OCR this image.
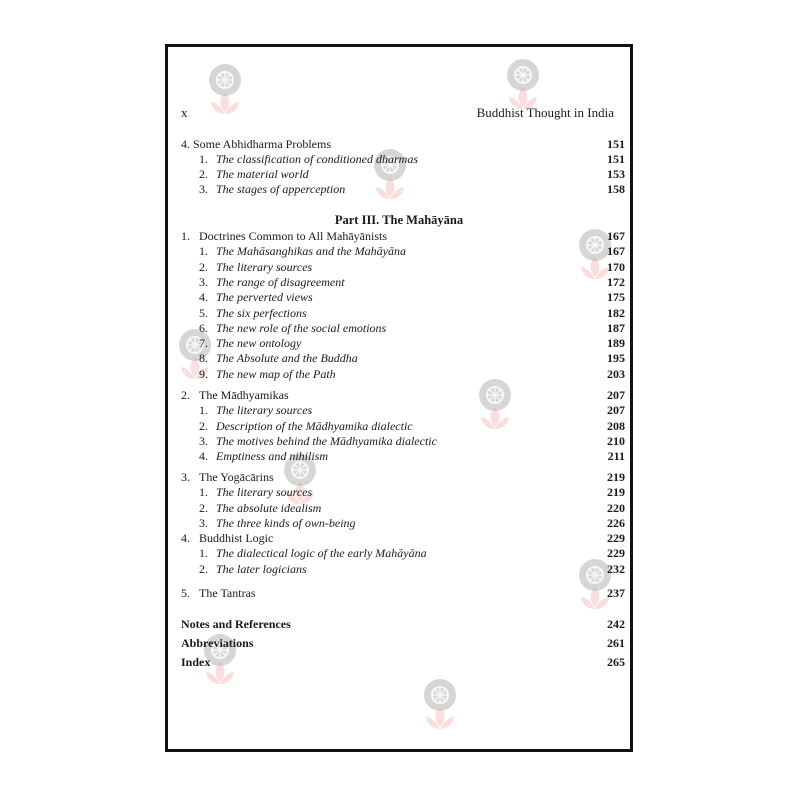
x	Buddhist Thought in India
4. Some Abhidharma Problems	151
1. The classification of conditioned dharmas	151
2. The material world	153
3. The stages of apperception	158
Part III. The Mahāyāna
1. Doctrines Common to All Mahāyānists	167
1. The Mahāsanghikas and the Mahāyāna	167
2. The literary sources	170
3. The range of disagreement	172
4. The perverted views	175
5. The six perfections	182
6. The new role of the social emotions	187
7. The new ontology	189
8. The Absolute and the Buddha	195
9. The new map of the Path	203
2. The Mādhyamikas	207
1. The literary sources	207
2. Description of the Mādhyamika dialectic	208
3. The motives behind the Mādhyamika dialectic	210
4. Emptiness and nihilism	211
3. The Yogācārins	219
1. The literary sources	219
2. The absolute idealism	220
3. The three kinds of own-being	226
4. Buddhist Logic	229
1. The dialectical logic of the early Mahāyāna	229
2. The later logicians	232
5. The Tantras	237
Notes and References	242
Abbreviations	261
Index	265
